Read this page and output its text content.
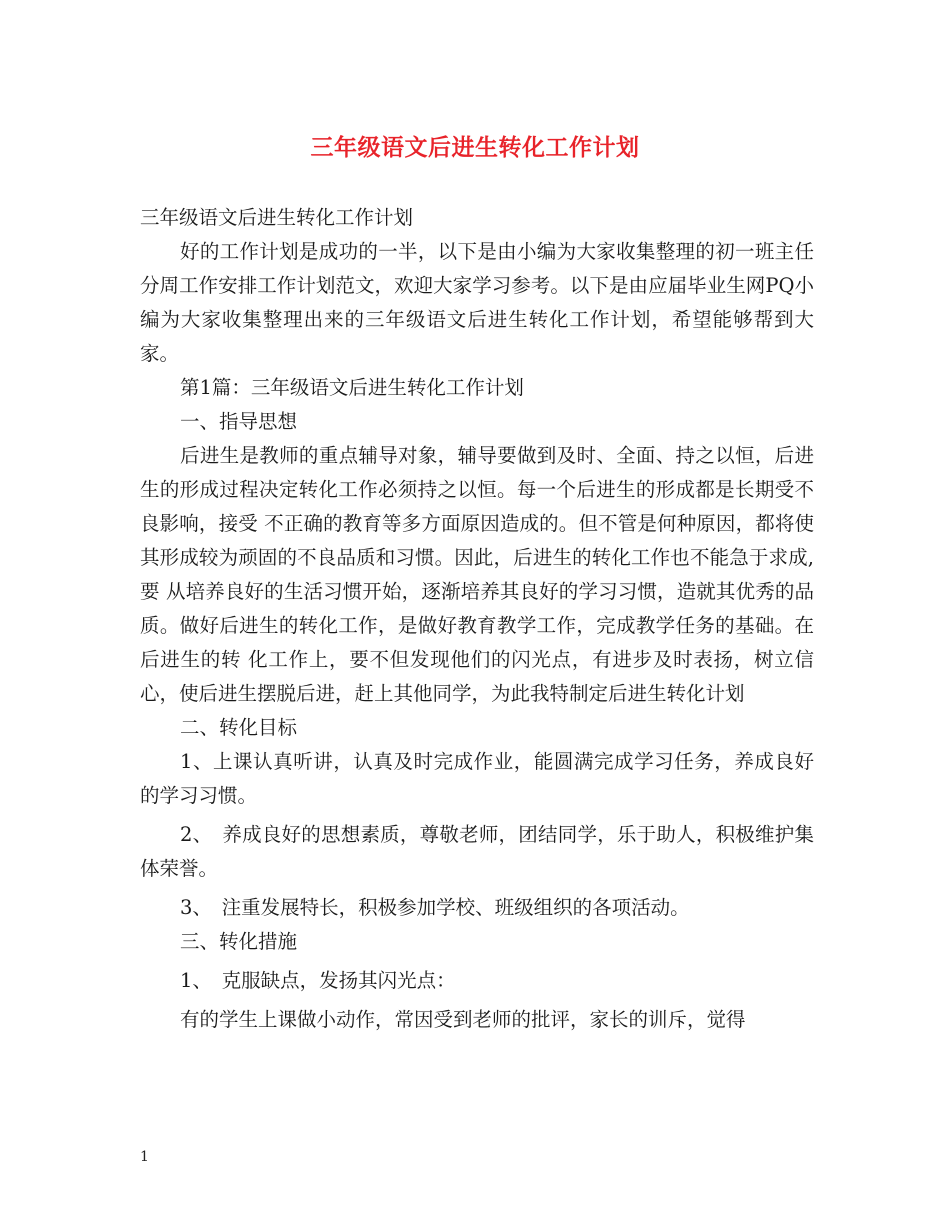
三年级语文后进生转化工作计划

三年级语文后进生转化工作计划

好的工作计划是成功的一半，以下是由小编为大家收集整理的初一班主任分周工作安排工作计划范文，欢迎大家学习参考。以下是由应届毕业生网PQ小编为大家收集整理出来的三年级语文后进生转化工作计划，希望能够帮到大家。

第1篇：三年级语文后进生转化工作计划

一、指导思想

后进生是教师的重点辅导对象，辅导要做到及时、全面、持之以恒，后进生的形成过程决定转化工作必须持之以恒。每一个后进生的形成都是长期受不良影响，接受 不正确的教育等多方面原因造成的。但不管是何种原因，都将使其形成较为顽固的不良品质和习惯。因此，后进生的转化工作也不能急于求成,要 从培养良好的生活习惯开始，逐渐培养其良好的学习习惯，造就其优秀的品质。做好后进生的转化工作，是做好教育教学工作，完成教学任务的基础。在后进生的转 化工作上，要不但发现他们的闪光点，有进步及时表扬，树立信心，使后进生摆脱后进，赶上其他同学，为此我特制定后进生转化计划

二、转化目标

1、上课认真听讲，认真及时完成作业，能圆满完成学习任务，养成良好的学习习惯。

2、　养成良好的思想素质，尊敬老师，团结同学，乐于助人，积极维护集体荣誉。

3、　注重发展特长，积极参加学校、班级组织的各项活动。

三、转化措施

1、　克服缺点，发扬其闪光点：

有的学生上课做小动作，常因受到老师的批评，家长的训斥，觉得

1
